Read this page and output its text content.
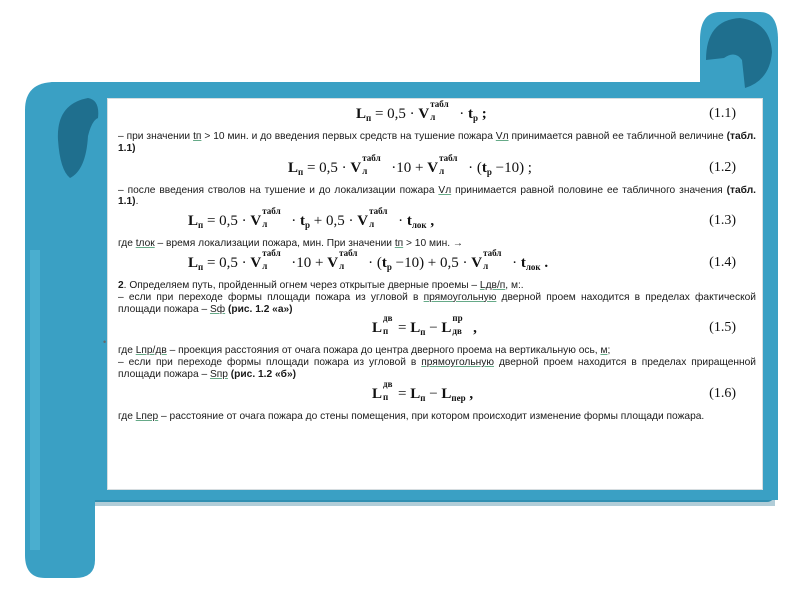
•
$L_п = 0,5 \cdot V$
табл
$л \cdot t_р$ ;	(1.1)

– при значении tп > 10 мин. и до введения первых средств на тушение пожара Vл принимается равной ее табличной величине (табл. 1.1)

$L_п = 0,5 \cdot V$
табл
л ·10 + V
табл
$л \cdot (t_р -10)$ ;	(1.2)

– после введения стволов на тушение и до локализации пожара Vл принимается равной половине ее табличного значения (табл. 1.1).

$L_п = 0,5 \cdot V$
табл
$л \cdot t_р + 0,5 \cdot V$
табл
$л \cdot t_{лок}$ ,	(1.3)

где tлок – время локализации пожара, мин. При значении tп > 10 мин. →

$L_п = 0,5 \cdot V$
табл
л ·10 + V
табл
$л \cdot (t_р -10) + 0,5 \cdot V$
табл
$л \cdot t_{лок}$ .	(1.4)

2. Определяем путь, пройденный огнем через открытые дверные проемы – Lдв/п, м:.

– если при переходе формы площади пожара из угловой в прямоугольную дверной проем находится в пределах фактической площади пожара – Sф (рис. 1.2 «а»)

L
дв
$п = L_п - L$
пр
дв ,	(1.5)

где Lпр/дв – проекция расстояния от очага пожара до центра дверного проема на вертикальную ось, м;

– если при переходе формы площади пожара из угловой в прямоугольную дверной проем находится в пределах приращенной площади пожара – Sпр (рис. 1.2 «б»)

L
дв
$п = L_п - L_{пер}$ ,	(1.6)

где Lпер – расстояние от очага пожара до стены помещения, при котором происходит изменение формы площади пожара.
